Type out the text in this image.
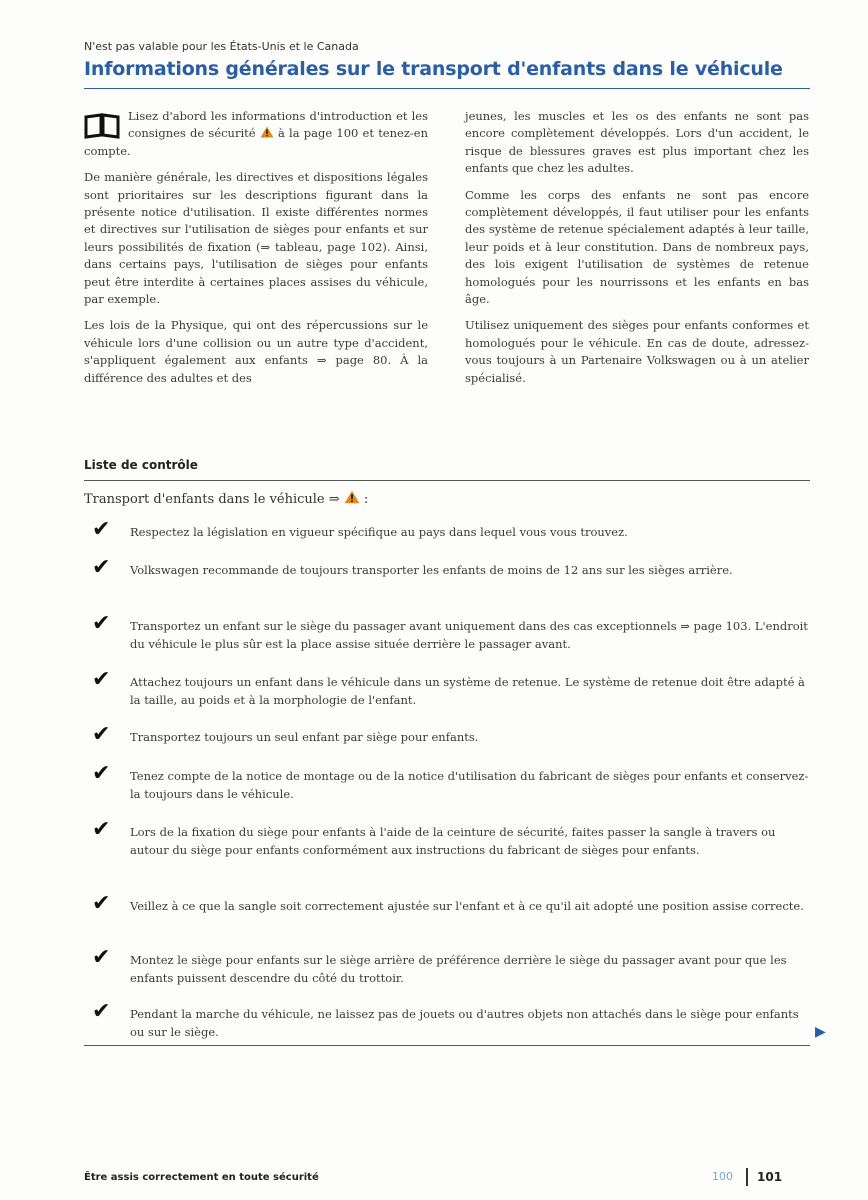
N'est pas valable pour les États-Unis et le Canada
Informations générales sur le transport d'enfants dans le véhicule

Lisez d'abord les informations d'introduction et les consignes de sécurité  à la page 100 et tenez-en compte.

De manière générale, les directives et dispositions légales sont prioritaires sur les descriptions figurant dans la présente notice d'utilisation. Il existe différentes normes et directives sur l'utilisation de sièges pour enfants et sur leurs possibilités de fixation (⇒ tableau, page 102). Ainsi, dans certains pays, l'utilisation de sièges pour enfants peut être interdite à certaines places assises du véhicule, par exemple.

Les lois de la Physique, qui ont des répercussions sur le véhicule lors d'une collision ou un autre type d'accident, s'appliquent également aux enfants ⇒ page 80. À la différence des adultes et des

jeunes, les muscles et les os des enfants ne sont pas encore complètement développés. Lors d'un accident, le risque de blessures graves est plus important chez les enfants que chez les adultes.

Comme les corps des enfants ne sont pas encore complètement développés, il faut utiliser pour les enfants des système de retenue spécialement adaptés à leur taille, leur poids et à leur constitution. Dans de nombreux pays, des lois exigent l'utilisation de systèmes de retenue homologués pour les nourrissons et les enfants en bas âge.

Utilisez uniquement des sièges pour enfants conformes et homologués pour le véhicule. En cas de doute, adressez-vous toujours à un Partenaire Volkswagen ou à un atelier spécialisé.

Liste de contrôle
Transport d'enfants dans le véhicule ⇒  :
✔	Respectez la législation en vigueur spécifique au pays dans lequel vous vous trouvez.
✔	Volkswagen recommande de toujours transporter les enfants de moins de 12 ans sur les sièges arrière.
✔	Transportez un enfant sur le siège du passager avant uniquement dans des cas exceptionnels ⇒ page 103. L'endroit du véhicule le plus sûr est la place assise située derrière le passager avant.
✔	Attachez toujours un enfant dans le véhicule dans un système de retenue. Le système de retenue doit être adapté à la taille, au poids et à la morphologie de l'enfant.
✔	Transportez toujours un seul enfant par siège pour enfants.
✔	Tenez compte de la notice de montage ou de la notice d'utilisation du fabricant de sièges pour enfants et conservez-la toujours dans le véhicule.
✔	Lors de la fixation du siège pour enfants à l'aide de la ceinture de sécurité, faites passer la sangle à travers ou autour du siège pour enfants conformément aux instructions du fabricant de sièges pour enfants.
✔	Veillez à ce que la sangle soit correctement ajustée sur l'enfant et à ce qu'il ait adopté une position assise correcte.
✔	Montez le siège pour enfants sur le siège arrière de préférence derrière le siège du passager avant pour que les enfants puissent descendre du côté du trottoir.
✔	Pendant la marche du véhicule, ne laissez pas de jouets ou d'autres objets non attachés dans le siège pour enfants ou sur le siège.	▶
Être assis correctement en toute sécurité	100 101
